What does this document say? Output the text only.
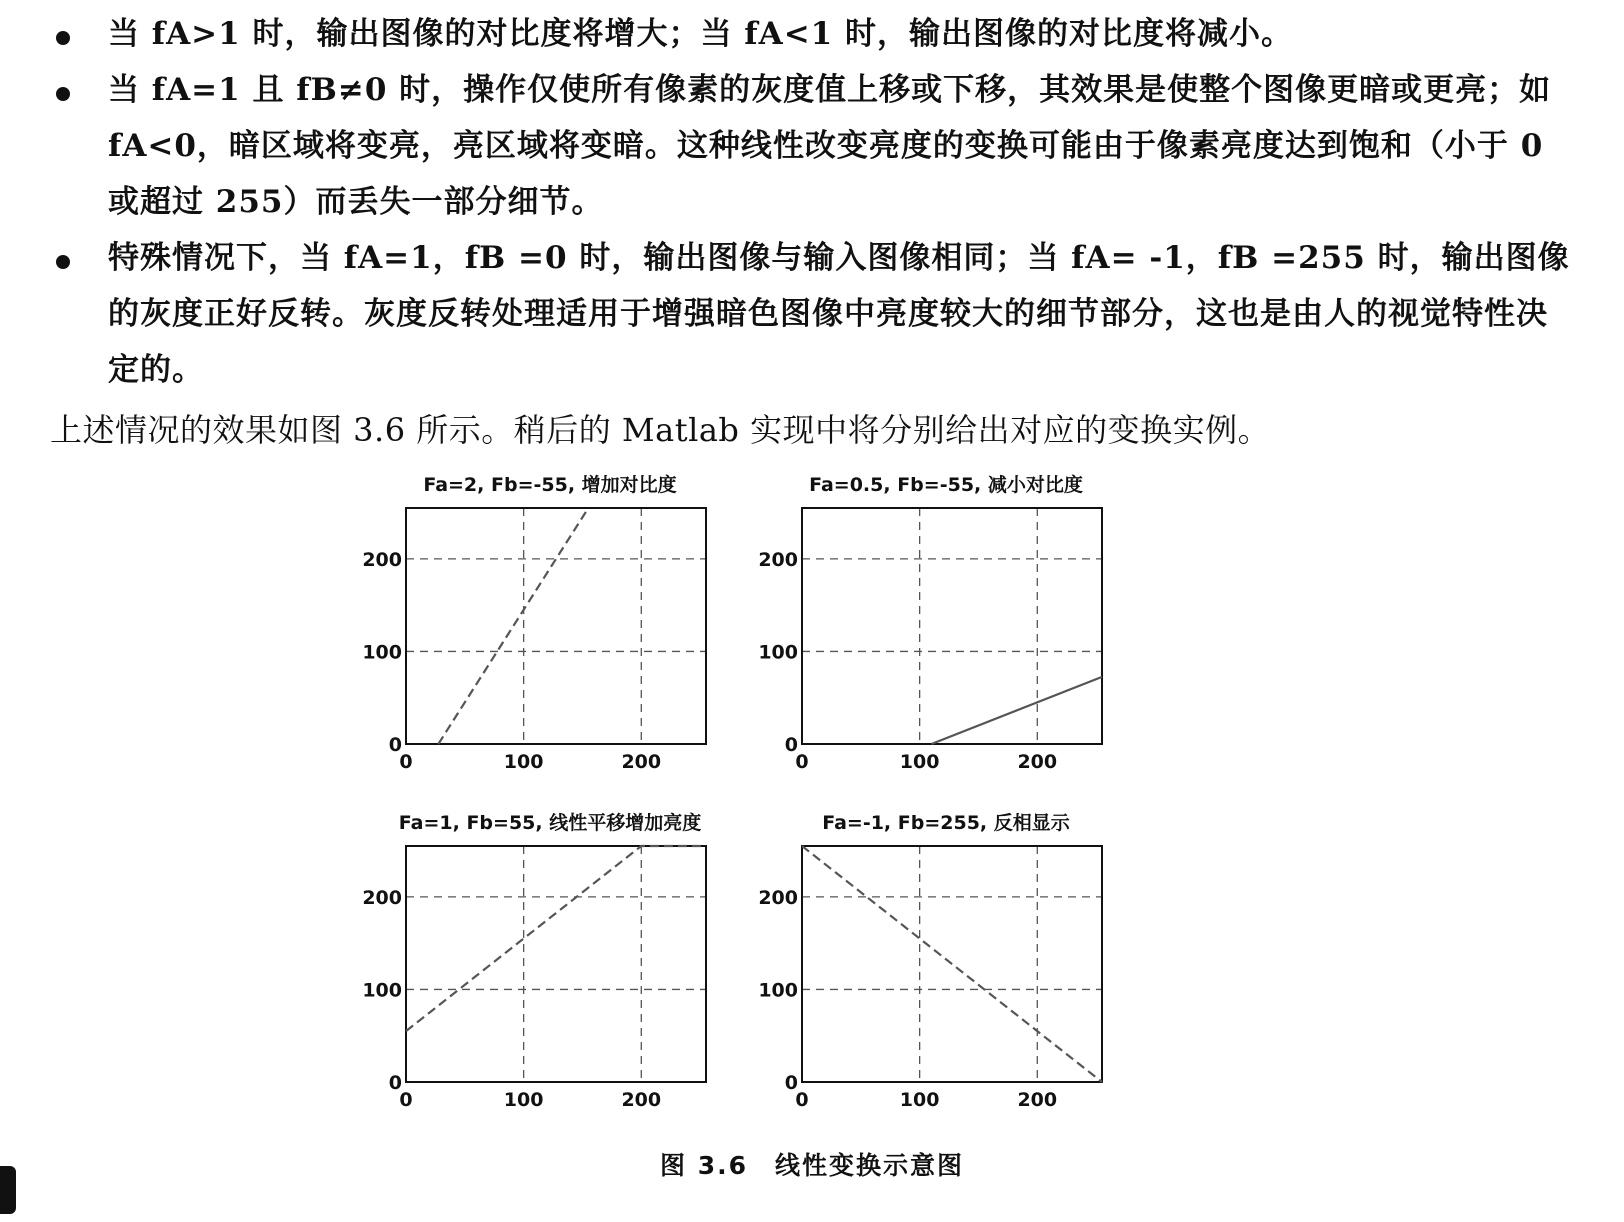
当 fA>1 时，输出图像的对比度将增大；当 fA<1 时，输出图像的对比度将减小。
当 fA=1 且 fB≠0 时，操作仅使所有像素的灰度值上移或下移，其效果是使整个图像更暗或更亮；如 fA<0，暗区域将变亮，亮区域将变暗。这种线性改变亮度的变换可能由于像素亮度达到饱和（小于 0 或超过 255）而丢失一部分细节。
特殊情况下，当 fA=1，fB =0 时，输出图像与输入图像相同；当 fA= -1，fB =255 时，输出图像的灰度正好反转。灰度反转处理适用于增强暗色图像中亮度较大的细节部分，这也是由人的视觉特性决定的。
上述情况的效果如图 3.6 所示。稍后的 Matlab 实现中将分别给出对应的变换实例。
Fa=2, Fb=-55, 增加对比度
0	100	200
0
100
200
Fa=0.5, Fb=-55, 减小对比度
0	100	200
0
100
200
Fa=1, Fb=55, 线性平移增加亮度
0	100	200
0
100
200
Fa=-1, Fb=255, 反相显示
0	100	200
0
100
200
图 3.6　线性变换示意图
